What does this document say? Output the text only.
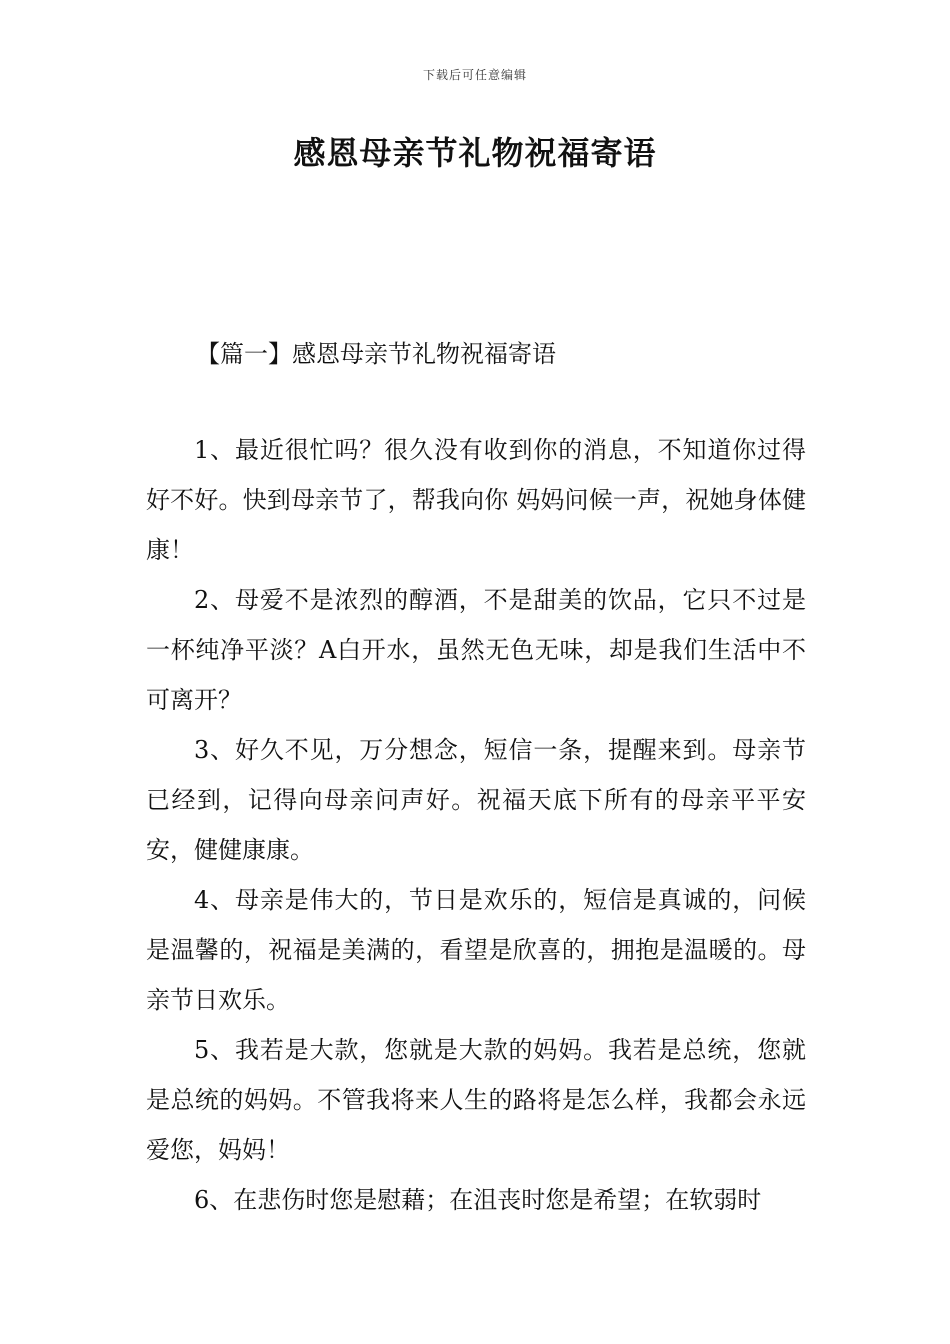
下载后可任意编辑
感恩母亲节礼物祝福寄语
【篇一】感恩母亲节礼物祝福寄语

1、最近很忙吗？很久没有收到你的消息，不知道你过得好不好。快到母亲节了，帮我向你 妈妈问候一声，祝她身体健康！

2、母爱不是浓烈的醇酒，不是甜美的饮品，它只不过是一杯纯净平淡？A白开水，虽然无色无味，却是我们生活中不可离开？

3、好久不见，万分想念，短信一条，提醒来到。母亲节已经到，记得向母亲问声好。祝福天底下所有的母亲平平安安，健健康康。

4、母亲是伟大的，节日是欢乐的，短信是真诚的，问候是温馨的，祝福是美满的，看望是欣喜的，拥抱是温暖的。母亲节日欢乐。

5、我若是大款，您就是大款的妈妈。我若是总统，您就是总统的妈妈。不管我将来人生的路将是怎么样，我都会永远爱您，妈妈！

6、在悲伤时您是慰藉；在沮丧时您是希望；在软弱时
